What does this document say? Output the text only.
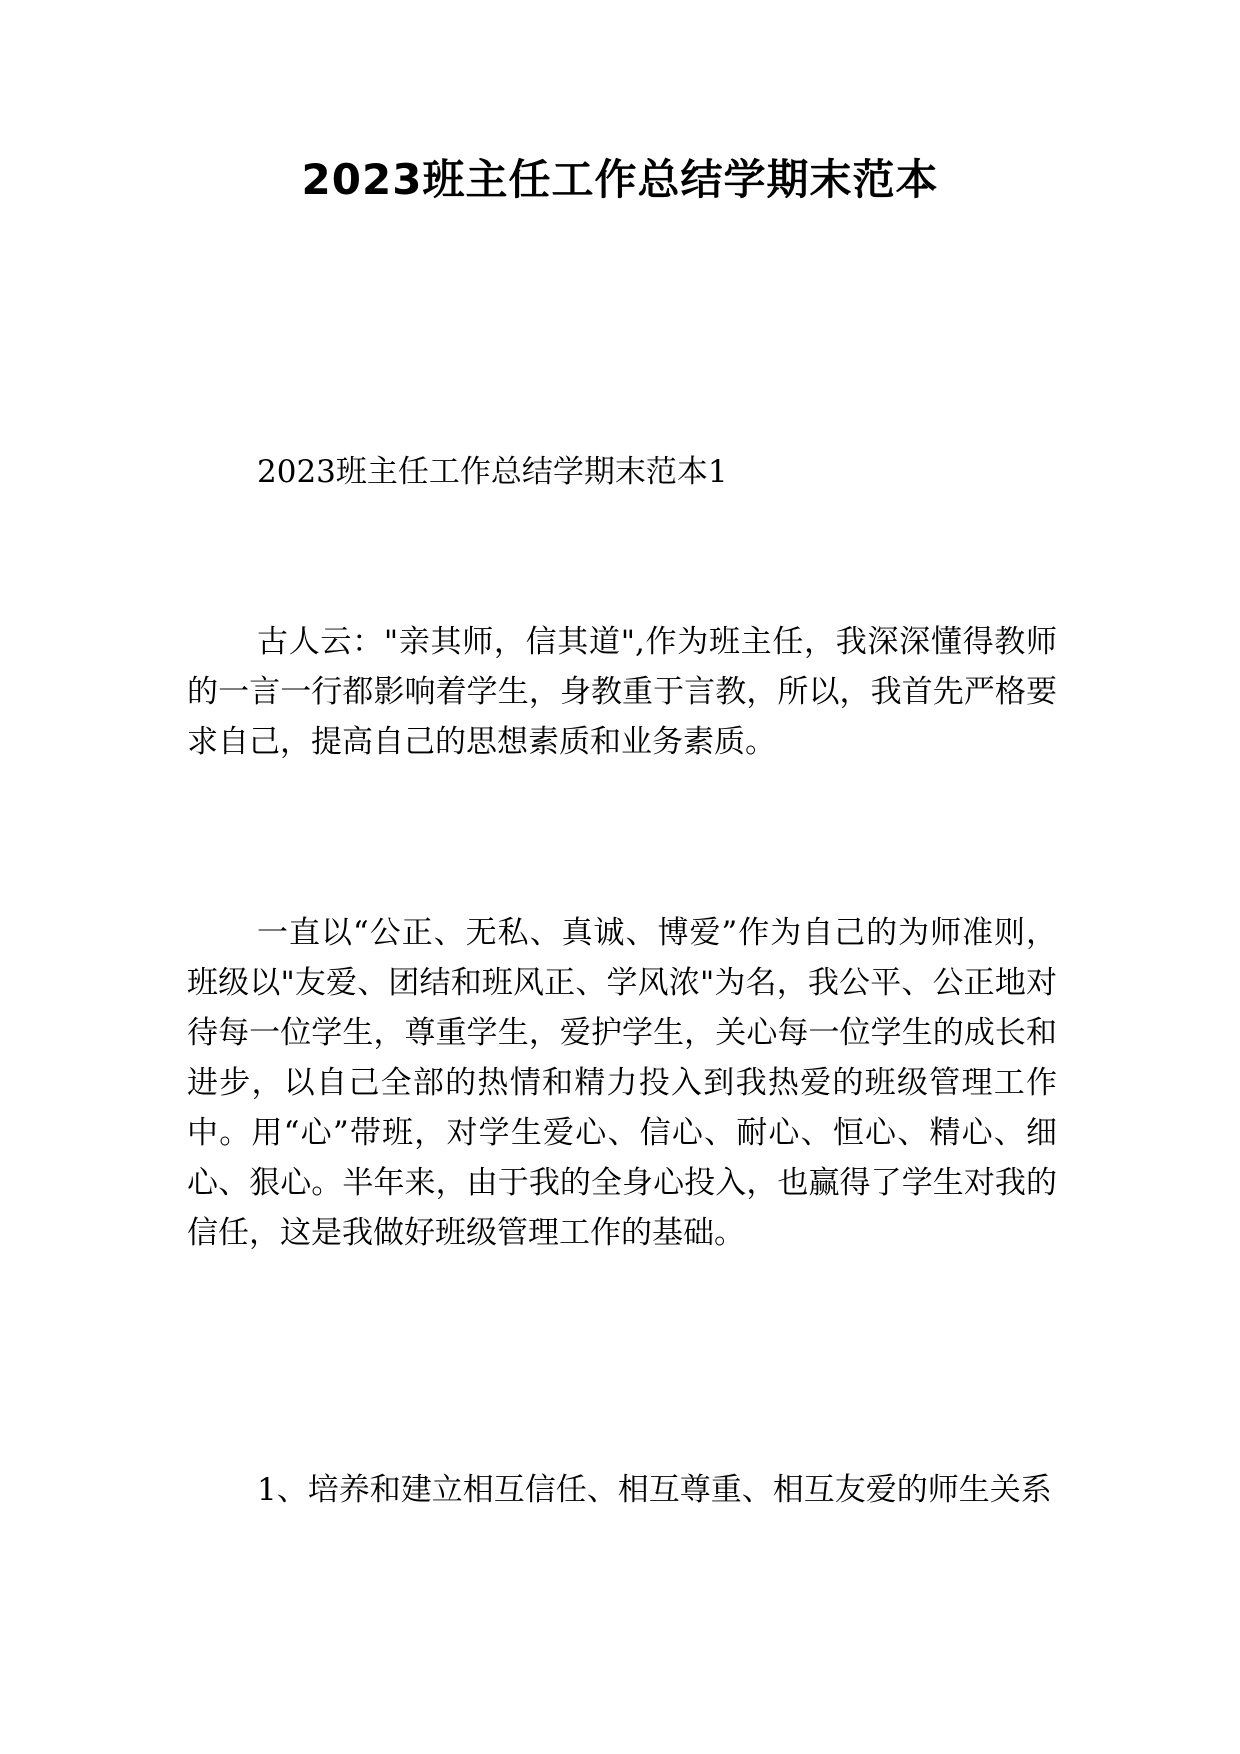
2023班主任工作总结学期末范本

2023班主任工作总结学期末范本1

古人云："亲其师，信其道",作为班主任，我深深懂得教师的一言一行都影响着学生，身教重于言教，所以，我首先严格要求自己，提高自己的思想素质和业务素质。

一直以“公正、无私、真诚、博爱”作为自己的为师准则，班级以"友爱、团结和班风正、学风浓"为名，我公平、公正地对待每一位学生，尊重学生，爱护学生，关心每一位学生的成长和进步，以自己全部的热情和精力投入到我热爱的班级管理工作中。用“心”带班，对学生爱心、信心、耐心、恒心、精心、细心、狠心。半年来，由于我的全身心投入，也赢得了学生对我的信任，这是我做好班级管理工作的基础。

1、培养和建立相互信任、相互尊重、相互友爱的师生关系
